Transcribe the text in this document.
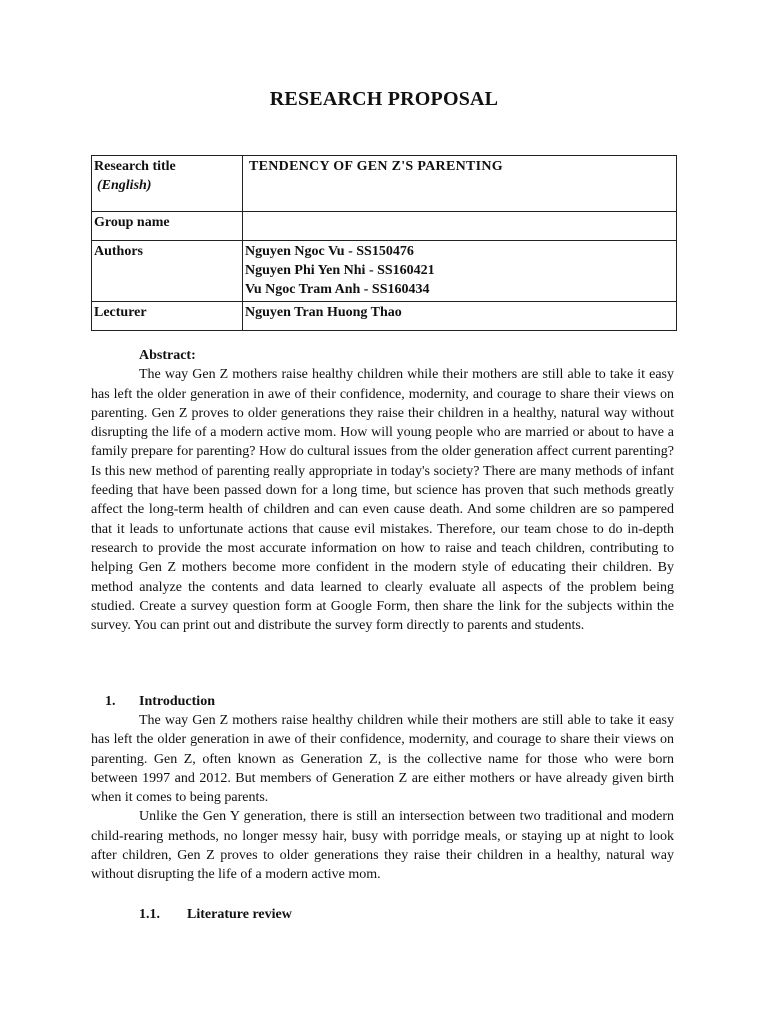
RESEARCH PROPOSAL
Research title
(English)	TENDENCY OF GEN Z'S PARENTING

Group name	
Authors	Nguyen Ngoc Vu - SS150476
Nguyen Phi Yen Nhi - SS160421
Vu Ngoc Tram Anh - SS160434

Lecturer	Nguyen Tran Huong Thao
Abstract:

The way Gen Z mothers raise healthy children while their mothers are still able to take it easy has left the older generation in awe of their confidence, modernity, and courage to share their views on parenting. Gen Z proves to older generations they raise their children in a healthy, natural way without disrupting the life of a modern active mom. How will young people who are married or about to have a family prepare for parenting? How do cultural issues from the older generation affect current parenting? Is this new method of parenting really appropriate in today's society? There are many methods of infant feeding that have been passed down for a long time, but science has proven that such methods greatly affect the long-term health of children and can even cause death. And some children are so pampered that it leads to unfortunate actions that cause evil mistakes. Therefore, our team chose to do in-depth research to provide the most accurate information on how to raise and teach children, contributing to helping Gen Z mothers become more confident in the modern style of educating their children. By method analyze the contents and data learned to clearly evaluate all aspects of the problem being studied. Create a survey question form at Google Form, then share the link for the subjects within the survey. You can print out and distribute the survey form directly to parents and students.

1. Introduction

The way Gen Z mothers raise healthy children while their mothers are still able to take it easy has left the older generation in awe of their confidence, modernity, and courage to share their views on parenting. Gen Z, often known as Generation Z, is the collective name for those who were born between 1997 and 2012. But members of Generation Z are either mothers or have already given birth when it comes to being parents.

Unlike the Gen Y generation, there is still an intersection between two traditional and modern child-rearing methods, no longer messy hair, busy with porridge meals, or staying up at night to look after children, Gen Z proves to older generations they raise their children in a healthy, natural way without disrupting the life of a modern active mom.

1.1. Literature review
